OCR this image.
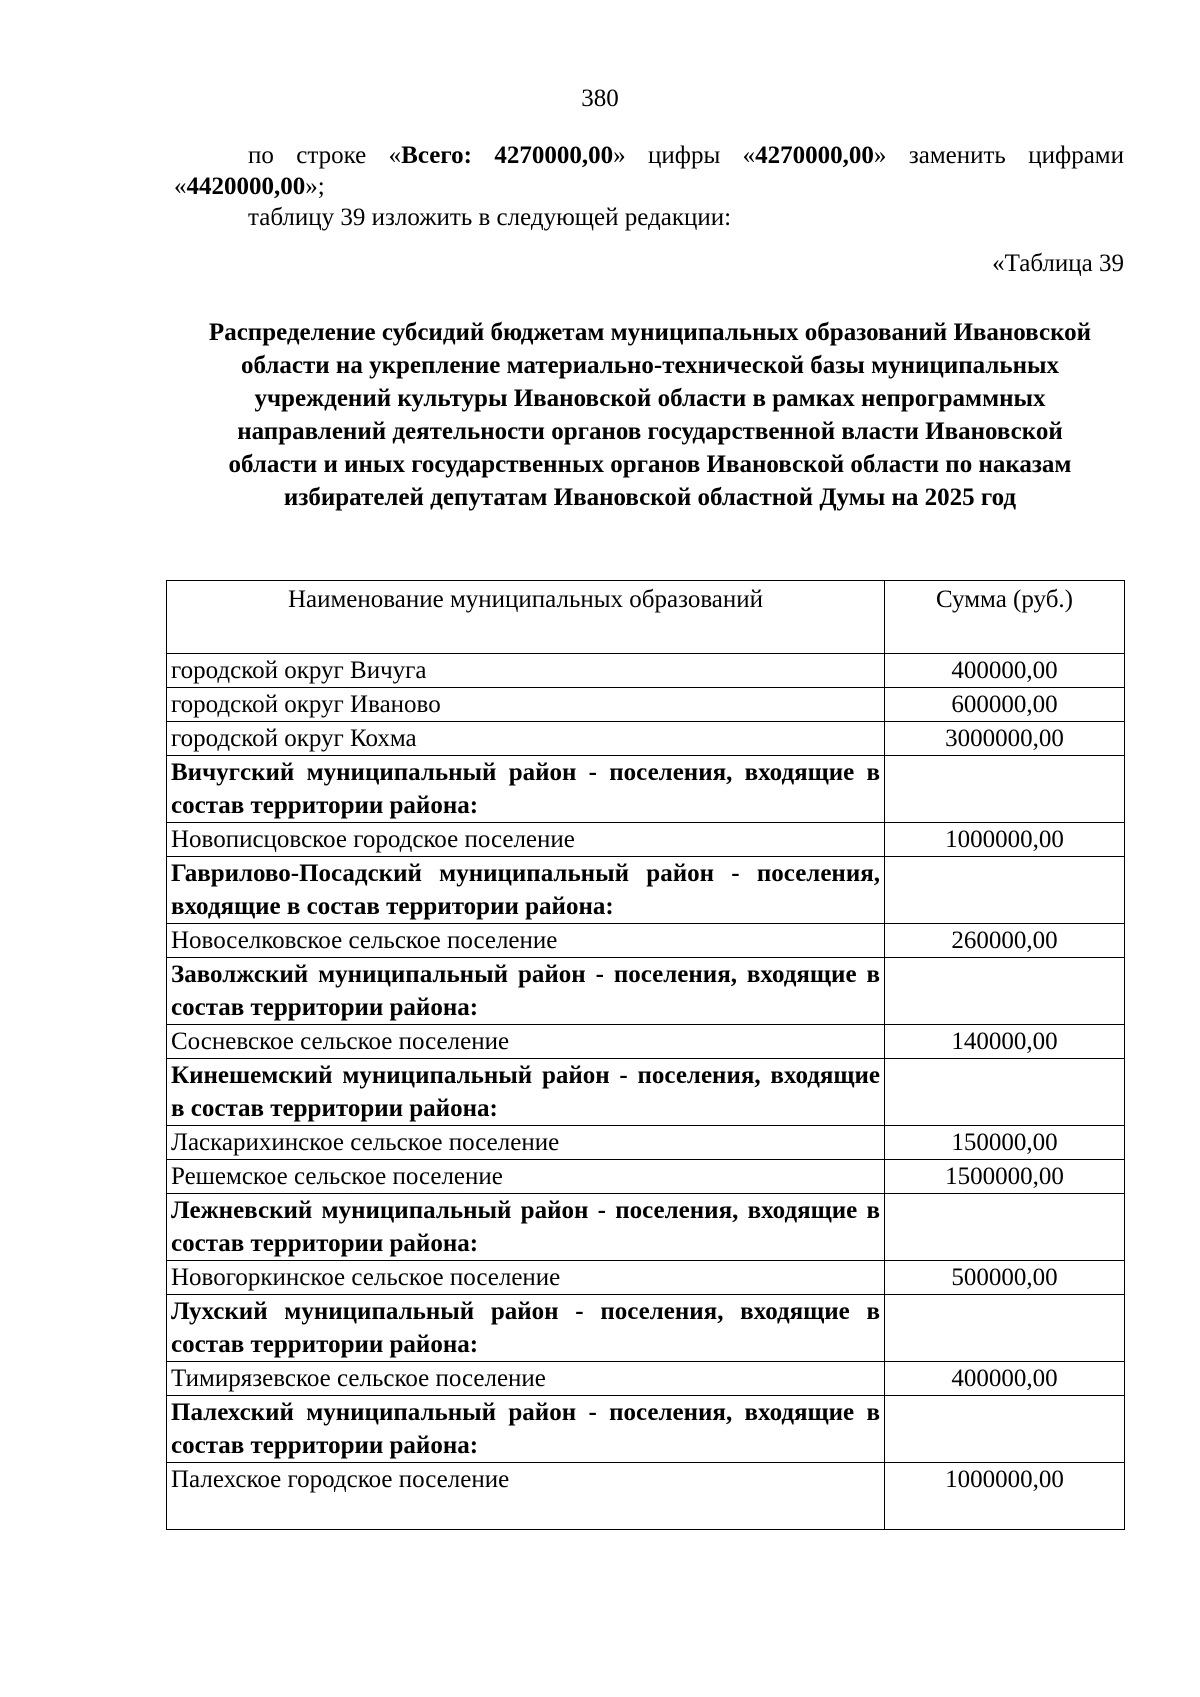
380
по строке «Всего: 4270000,00» цифры «4270000,00» заменить цифрами «4420000,00»;
таблицу 39 изложить в следующей редакции:
«Таблица 39
Распределение субсидий бюджетам муниципальных образований Ивановской области на укрепление материально-технической базы муниципальных учреждений культуры Ивановской области в рамках непрограммных направлений деятельности органов государственной власти Ивановской области и иных государственных органов Ивановской области по наказам избирателей депутатам Ивановской областной Думы на 2025 год
Наименование муниципальных образований	Сумма (руб.)
городской округ Вичуга	400000,00
городской округ Иваново	600000,00
городской округ Кохма	3000000,00
Вичугский муниципальный район - поселения, входящие в состав территории района:	
Новописцовское городское поселение	1000000,00
Гаврилово-Посадский муниципальный район - поселения, входящие в состав территории района:	
Новоселковское сельское поселение	260000,00
Заволжский муниципальный район - поселения, входящие в состав территории района:	
Сосневское сельское поселение	140000,00
Кинешемский муниципальный район - поселения, входящие в состав территории района:	
Ласкарихинское сельское поселение	150000,00
Решемское сельское поселение	1500000,00
Лежневский муниципальный район - поселения, входящие в состав территории района:	
Новогоркинское сельское поселение	500000,00
Лухский муниципальный район - поселения, входящие в состав территории района:	
Тимирязевское сельское поселение	400000,00
Палехский муниципальный район - поселения, входящие в состав территории района:	
Палехское городское поселение	1000000,00
